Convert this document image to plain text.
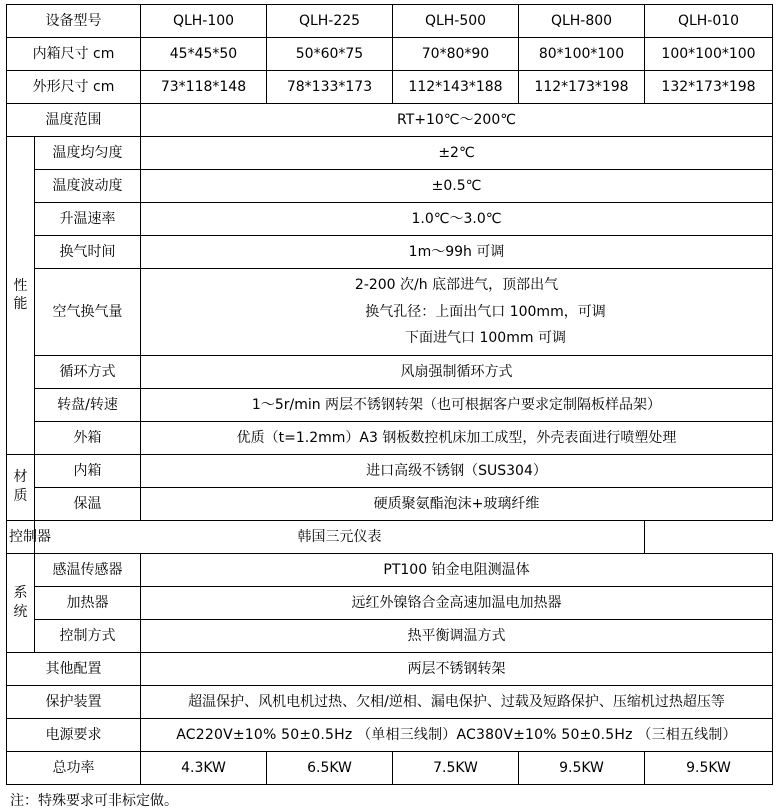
设备型号		QLH-100	QLH-225	QLH-500	QLH-800	QLH-010
内箱尺寸 cm		45*45*50	50*60*75	70*80*90	80*100*100	100*100*100
外形尺寸 cm		73*118*148	78*133*173	112*143*188	112*173*198	132*173*198
温度范围		RT+10℃～200℃				

性
能	温度均匀度	±2℃				
	温度波动度	±0.5℃				
	升温速率	1.0℃～3.0℃				
	换气时间	1m～99h 可调				
	空气换气量	2-200 次/h 底部进气，顶部出气
换气孔径：上面出气口 100mm，可调
下面进气口 100mm 可调				

	循环方式	风扇强制循环方式				
	转盘/转速	1～5r/min 两层不锈钢转架（也可根据客户要求定制隔板样品架）				
	外箱	优质（t=1.2mm）A3 钢板数控机床加工成型，外壳表面进行喷塑处理				

材
质	内箱	进口高级不锈钢（SUS304）				
	保温	硬质聚氨酯泡沫+玻璃纤维				
控制器	韩国三元仪表					

系
统	感温传感器	PT100 铂金电阻测温体				
	加热器	远红外镍铬合金高速加温电加热器				
	控制方式	热平衡调温方式				
其他配置		两层不锈钢转架				
保护装置		超温保护、风机电机过热、欠相/逆相、漏电保护、过载及短路保护、压缩机过热超压等				
电源要求		AC220V±10% 50±0.5Hz （单相三线制）AC380V±10% 50±0.5Hz （三相五线制）				
总功率		4.3KW	6.5KW	7.5KW	9.5KW	9.5KW
注：特殊要求可非标定做。
